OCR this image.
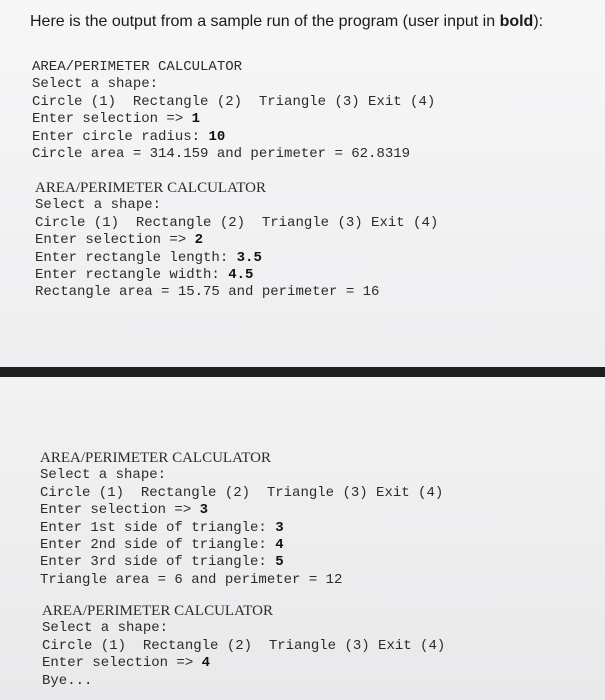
Here is the output from a sample run of the program (user input in bold):
AREA/PERIMETER CALCULATOR
Select a shape:
Circle (1)  Rectangle (2)  Triangle (3) Exit (4)
Enter selection => 1
Enter circle radius: 10
Circle area = 314.159 and perimeter = 62.8319
AREA/PERIMETER CALCULATOR
Select a shape:
Circle (1)  Rectangle (2)  Triangle (3) Exit (4)
Enter selection => 2
Enter rectangle length: 3.5
Enter rectangle width: 4.5
Rectangle area = 15.75 and perimeter = 16
AREA/PERIMETER CALCULATOR
Select a shape:
Circle (1)  Rectangle (2)  Triangle (3) Exit (4)
Enter selection => 3
Enter 1st side of triangle: 3
Enter 2nd side of triangle: 4
Enter 3rd side of triangle: 5
Triangle area = 6 and perimeter = 12
AREA/PERIMETER CALCULATOR
Select a shape:
Circle (1)  Rectangle (2)  Triangle (3) Exit (4)
Enter selection => 4
Bye...
